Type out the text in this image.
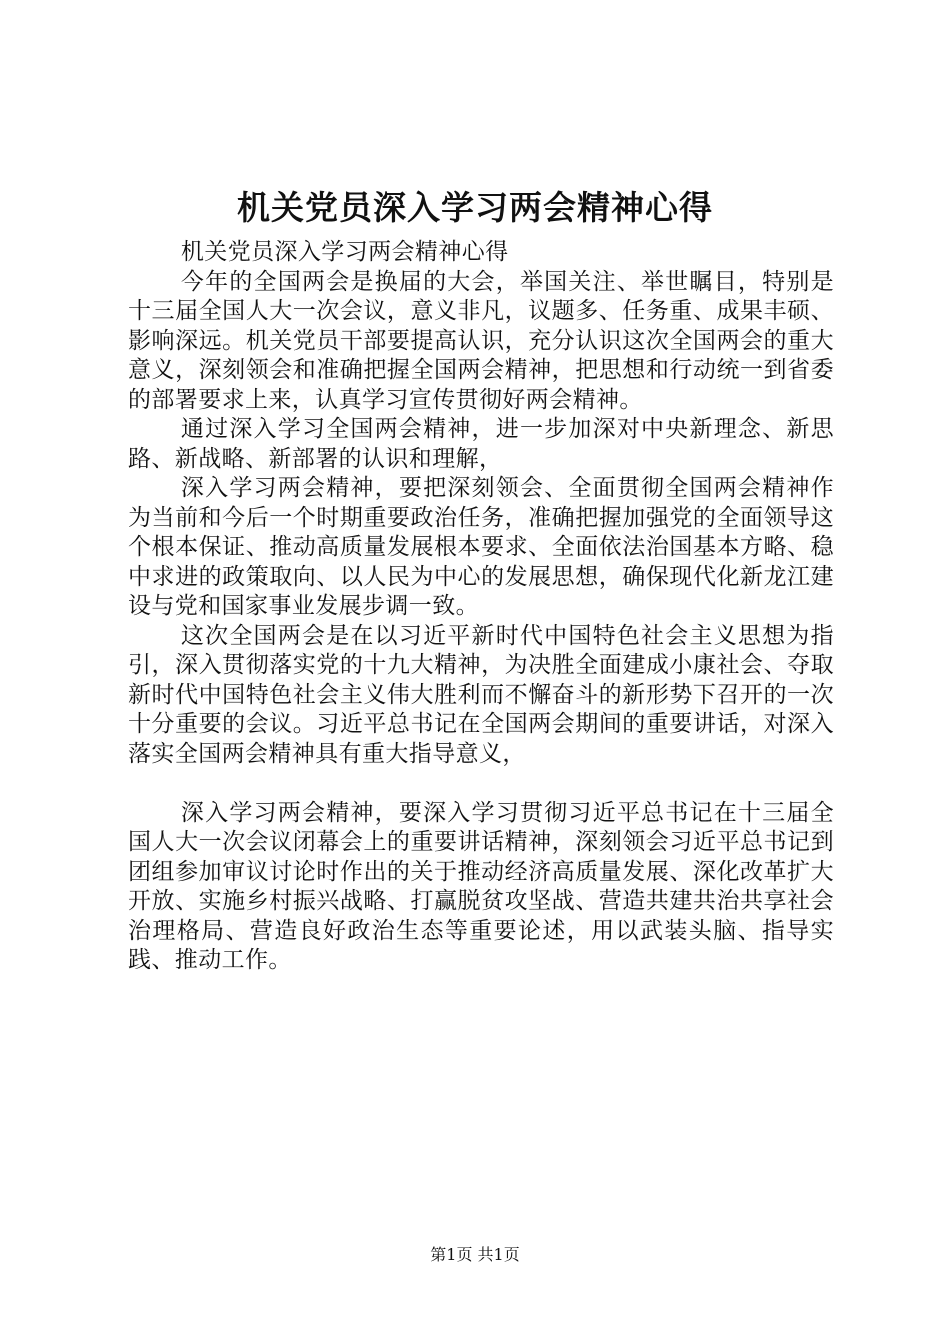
机关党员深入学习两会精神心得

机关党员深入学习两会精神心得

今年的全国两会是换届的大会，举国关注、举世瞩目，特别是十三届全国人大一次会议，意义非凡，议题多、任务重、成果丰硕、影响深远。机关党员干部要提高认识，充分认识这次全国两会的重大意义，深刻领会和准确把握全国两会精神，把思想和行动统一到省委的部署要求上来，认真学习宣传贯彻好两会精神。

通过深入学习全国两会精神，进一步加深对中央新理念、新思路、新战略、新部署的认识和理解，

深入学习两会精神，要把深刻领会、全面贯彻全国两会精神作为当前和今后一个时期重要政治任务，准确把握加强党的全面领导这个根本保证、推动高质量发展根本要求、全面依法治国基本方略、稳中求进的政策取向、以人民为中心的发展思想，确保现代化新龙江建设与党和国家事业发展步调一致。

这次全国两会是在以习近平新时代中国特色社会主义思想为指引，深入贯彻落实党的十九大精神，为决胜全面建成小康社会、夺取新时代中国特色社会主义伟大胜利而不懈奋斗的新形势下召开的一次十分重要的会议。习近平总书记在全国两会期间的重要讲话，对深入落实全国两会精神具有重大指导意义，

深入学习两会精神，要深入学习贯彻习近平总书记在十三届全国人大一次会议闭幕会上的重要讲话精神，深刻领会习近平总书记到团组参加审议讨论时作出的关于推动经济高质量发展、深化改革扩大开放、实施乡村振兴战略、打赢脱贫攻坚战、营造共建共治共享社会治理格局、营造良好政治生态等重要论述，用以武装头脑、指导实践、推动工作。

第1页 共1页
